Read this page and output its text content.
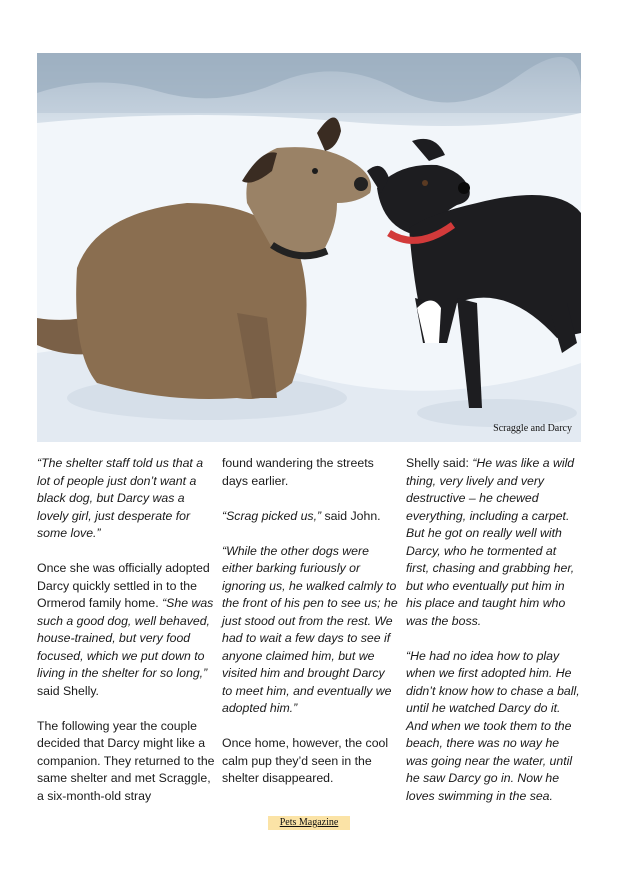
Scraggle and Darcy

“The shelter staff told us that a lot of people just don’t want a black dog, but Darcy was a lovely girl, just desperate for some love.”

Once she was officially adopted Darcy quickly settled in to the Ormerod family home. “She was such a good dog, well behaved, house-trained, but very food focused, which we put down to living in the shelter for so long,” said Shelly.

The following year the couple decided that Darcy might like a companion. They returned to the same shelter and met Scraggle, a six-month-old stray

found wandering the streets days earlier.

“Scrag picked us,” said John.

“While the other dogs were either barking furiously or ignoring us, he walked calmly to the front of his pen to see us; he just stood out from the rest. We had to wait a few days to see if anyone claimed him, but we visited him and brought Darcy to meet him, and eventually we adopted him.”

Once home, however, the cool calm pup they’d seen in the shelter disappeared.

Shelly said: “He was like a wild thing, very lively and very destructive – he chewed everything, including a carpet. But he got on really well with Darcy, who he tormented at first, chasing and grabbing her, but who eventually put him in his place and taught him who was the boss.

“He had no idea how to play when we first adopted him. He didn’t know how to chase a ball, until he watched Darcy do it. And when we took them to the beach, there was no way he was going near the water, until he saw Darcy go in. Now he loves swimming in the sea.

Pets Magazine
